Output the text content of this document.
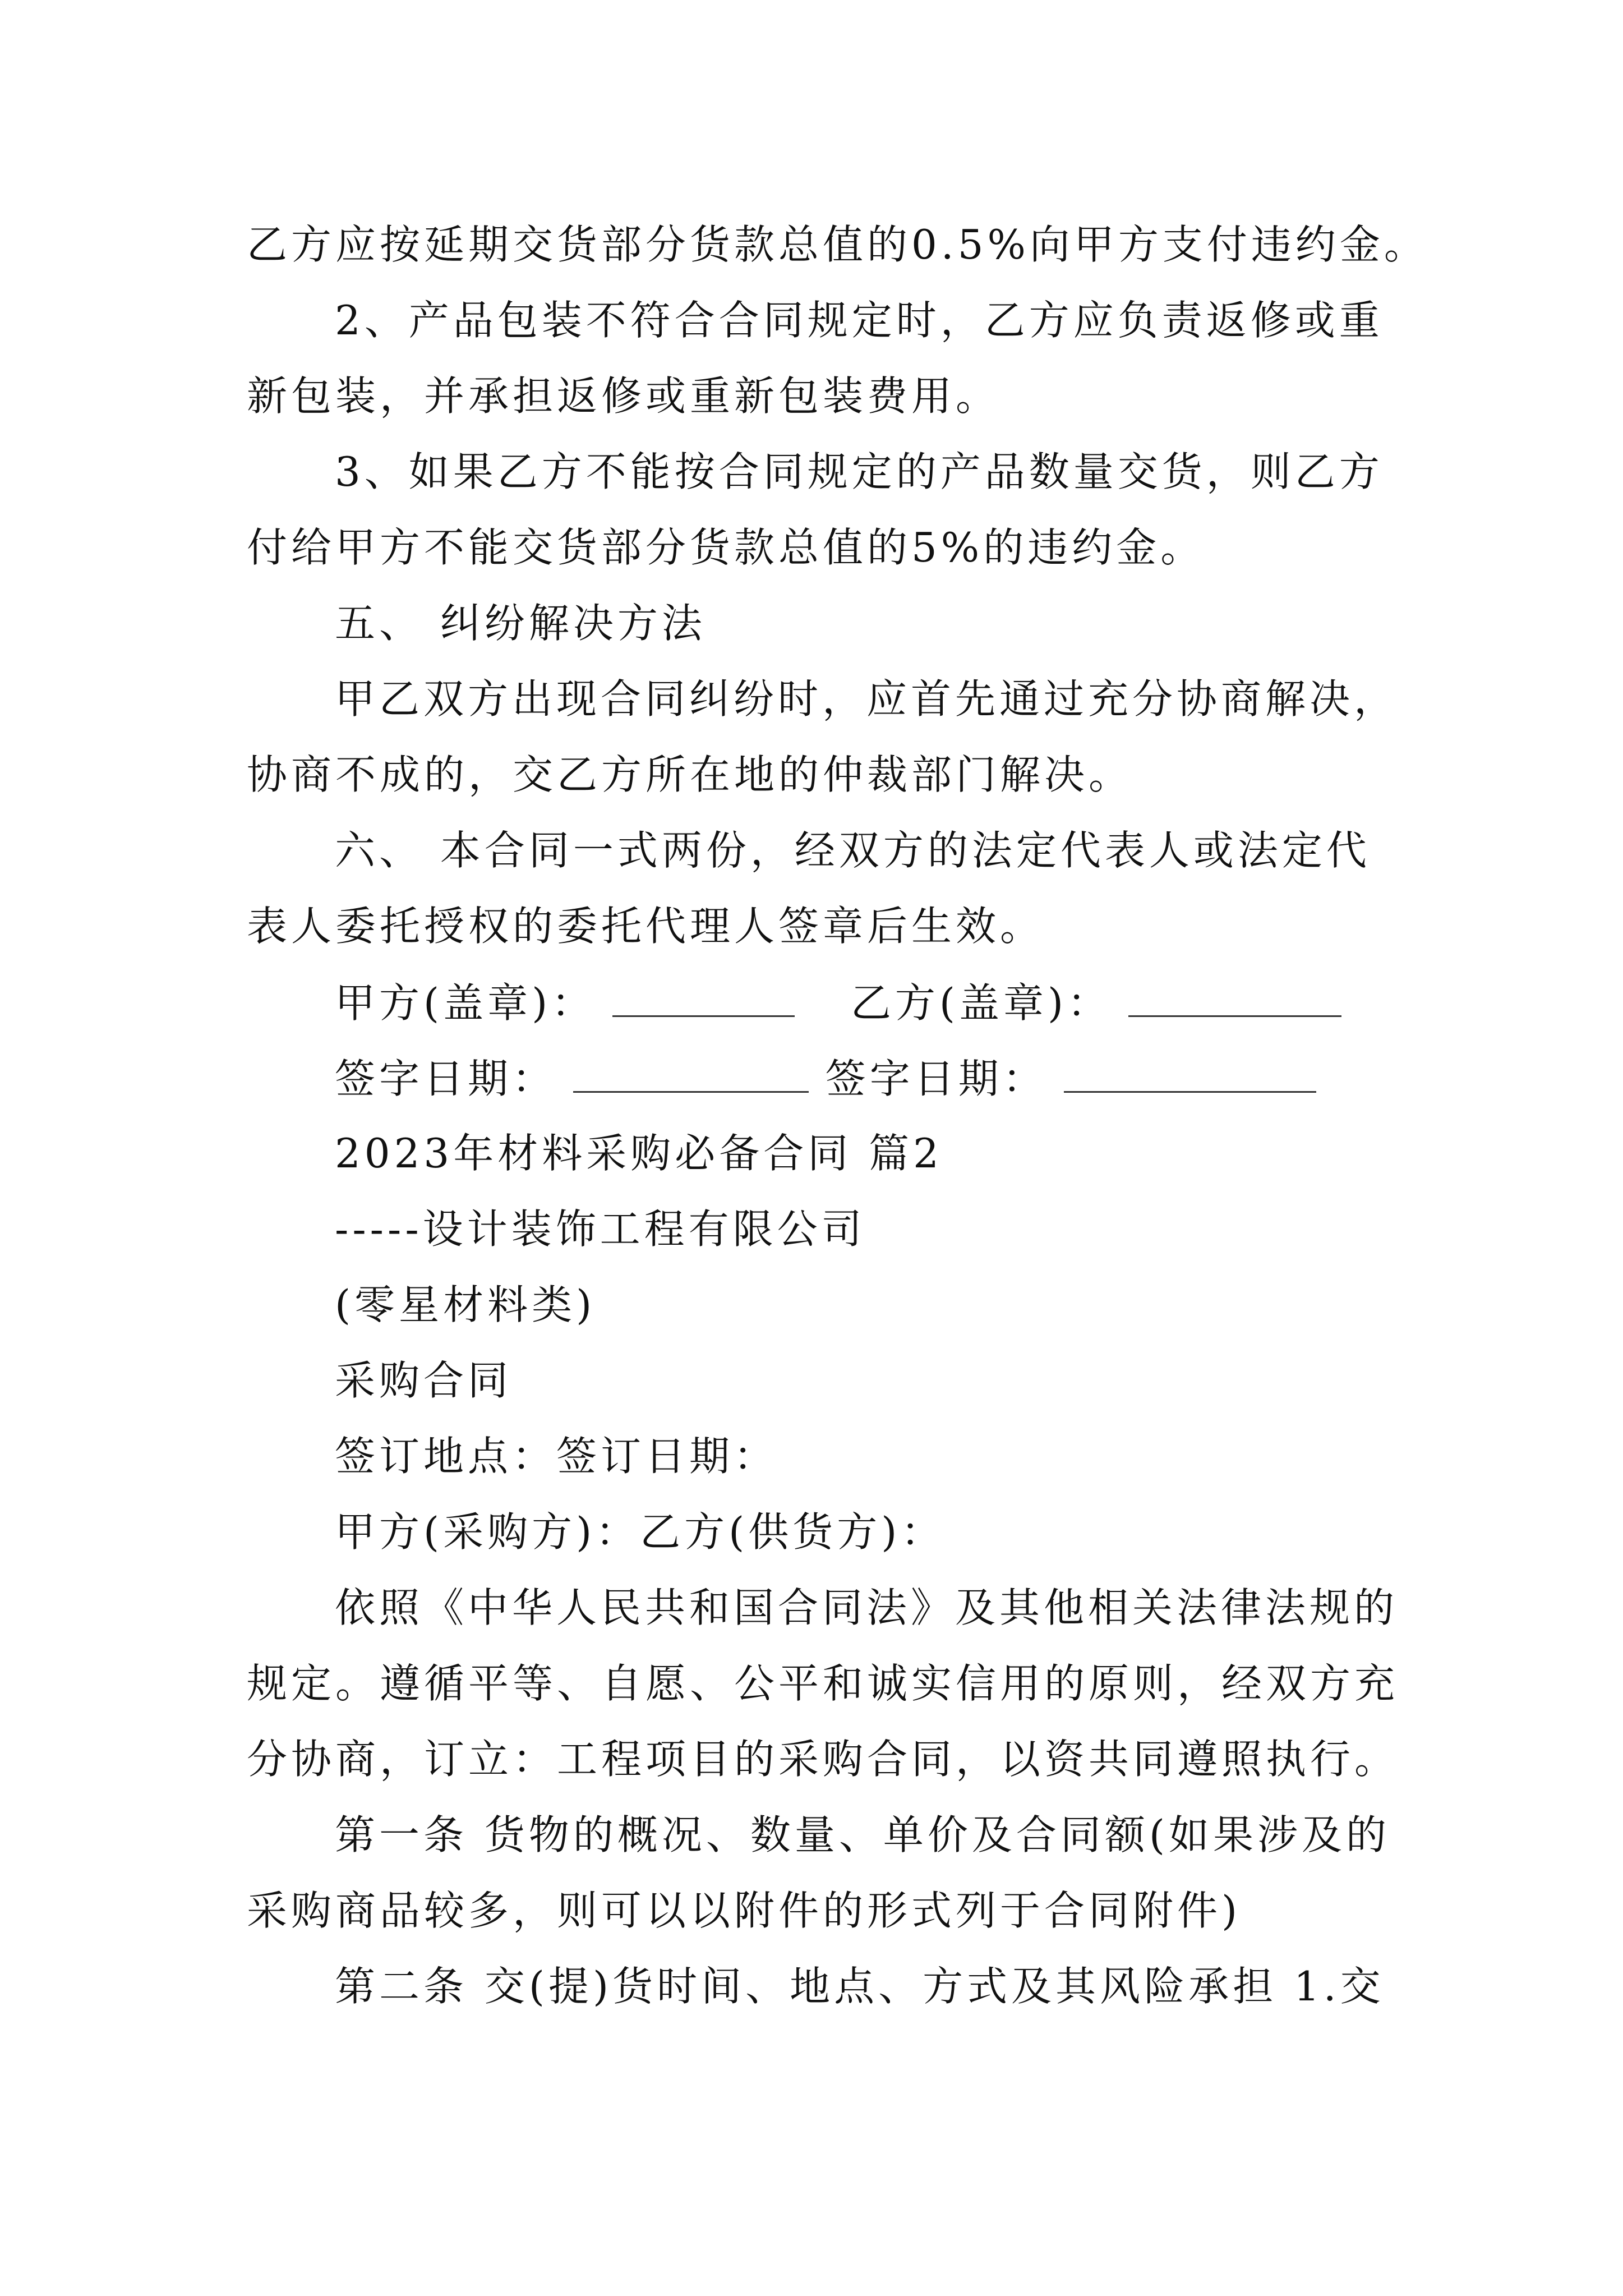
乙方应按延期交货部分货款总值的0.5%向甲方支付违约金。
2、产品包装不符合合同规定时，乙方应负责返修或重
新包装，并承担返修或重新包装费用。
3、如果乙方不能按合同规定的产品数量交货，则乙方
付给甲方不能交货部分货款总值的5%的违约金。
五、 纠纷解决方法
甲乙双方出现合同纠纷时，应首先通过充分协商解决，
协商不成的，交乙方所在地的仲裁部门解决。
六、 本合同一式两份，经双方的法定代表人或法定代
表人委托授权的委托代理人签章后生效。
甲方(盖章)：	乙方(盖章)：
签字日期：	签字日期：
2023年材料采购必备合同 篇2
-----设计装饰工程有限公司
(零星材料类)
采购合同
签订地点：签订日期：
甲方(采购方)：乙方(供货方)：
依照《中华人民共和国合同法》及其他相关法律法规的
规定。遵循平等、自愿、公平和诚实信用的原则，经双方充
分协商，订立：工程项目的采购合同，以资共同遵照执行。
第一条 货物的概况、数量、单价及合同额(如果涉及的
采购商品较多，则可以以附件的形式列于合同附件)
第二条 交(提)货时间、地点、方式及其风险承担 1.交
